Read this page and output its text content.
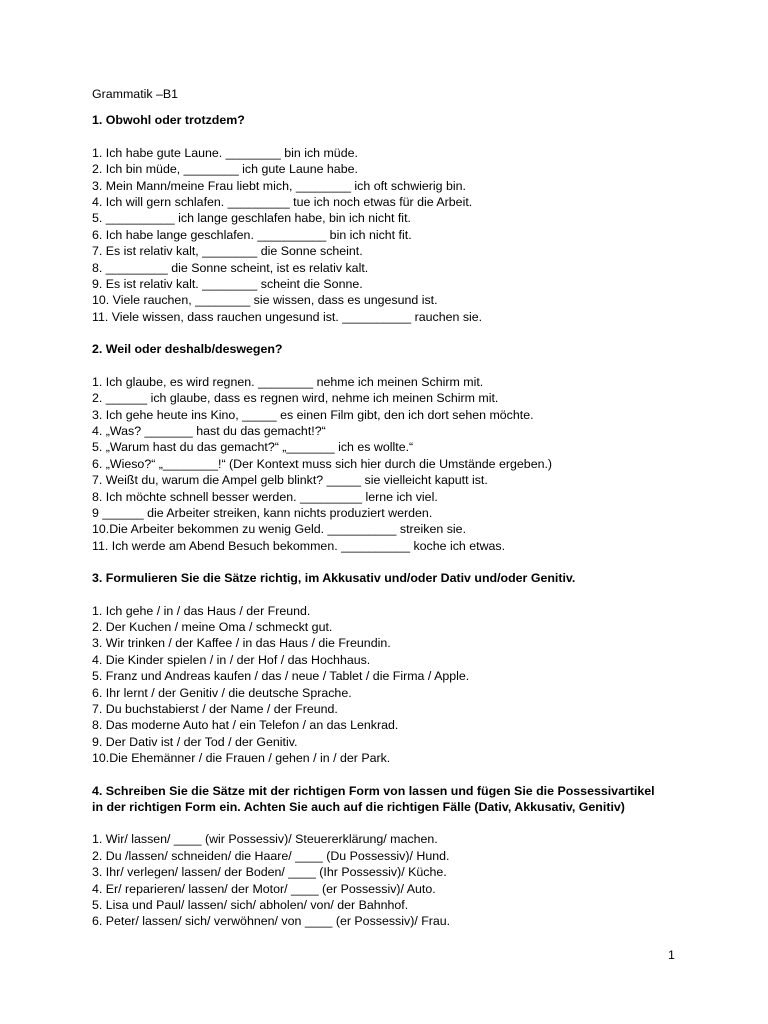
Grammatik –B1
1. Obwohl oder trotzdem?
1. Ich habe gute Laune. ________ bin ich müde.
2. Ich bin müde, ________ ich gute Laune habe.
3. Mein Mann/meine Frau liebt mich, ________ ich oft schwierig bin.
4. Ich will gern schlafen. _________ tue ich noch etwas für die Arbeit.
5. __________ ich lange geschlafen habe, bin ich nicht fit.
6. Ich habe lange geschlafen. __________ bin ich nicht fit.
7. Es ist relativ kalt, ________ die Sonne scheint.
8. _________ die Sonne scheint, ist es relativ kalt.
9. Es ist relativ kalt. ________ scheint die Sonne.
10. Viele rauchen, ________ sie wissen, dass es ungesund ist.
11. Viele wissen, dass rauchen ungesund ist. __________ rauchen sie.
2. Weil oder deshalb/deswegen?
1. Ich glaube, es wird regnen. ________ nehme ich meinen Schirm mit.
2. ______ ich glaube, dass es regnen wird, nehme ich meinen Schirm mit.
3. Ich gehe heute ins Kino, _____ es einen Film gibt, den ich dort sehen möchte.
4. „Was? _______ hast du das gemacht!?“
5. „Warum hast du das gemacht?“ „_______ ich es wollte.“
6. „Wieso?“ „________!“ (Der Kontext muss sich hier durch die Umstände ergeben.)
7. Weißt du, warum die Ampel gelb blinkt? _____ sie vielleicht kaputt ist.
8. Ich möchte schnell besser werden. _________ lerne ich viel.
9 ______ die Arbeiter streiken, kann nichts produziert werden.
10.Die Arbeiter bekommen zu wenig Geld. __________ streiken sie.
11. Ich werde am Abend Besuch bekommen. __________ koche ich etwas.
3. Formulieren Sie die Sätze richtig, im Akkusativ und/oder Dativ und/oder Genitiv.
1. Ich gehe / in / das Haus / der Freund.
2. Der Kuchen / meine Oma / schmeckt gut.
3. Wir trinken / der Kaffee / in das Haus / die Freundin.
4. Die Kinder spielen / in / der Hof / das Hochhaus.
5. Franz und Andreas kaufen / das / neue / Tablet / die Firma / Apple.
6. Ihr lernt / der Genitiv / die deutsche Sprache.
7. Du buchstabierst / der Name / der Freund.
8. Das moderne Auto hat / ein Telefon / an das Lenkrad.
9. Der Dativ ist / der Tod / der Genitiv.
10.Die Ehemänner / die Frauen / gehen / in / der Park.
4. Schreiben Sie die Sätze mit der richtigen Form von lassen und fügen Sie die Possessivartikel in der richtigen Form ein. Achten Sie auch auf die richtigen Fälle (Dativ, Akkusativ, Genitiv)
1. Wir/ lassen/ ____ (wir Possessiv)/ Steuererklärung/ machen.
2. Du /lassen/ schneiden/ die Haare/ ____ (Du Possessiv)/ Hund.
3. Ihr/ verlegen/ lassen/ der Boden/ ____ (Ihr Possessiv)/ Küche.
4. Er/ reparieren/ lassen/ der Motor/ ____ (er Possessiv)/ Auto.
5. Lisa und Paul/ lassen/ sich/ abholen/ von/ der Bahnhof.
6. Peter/ lassen/ sich/ verwöhnen/ von ____ (er Possessiv)/ Frau.
1
